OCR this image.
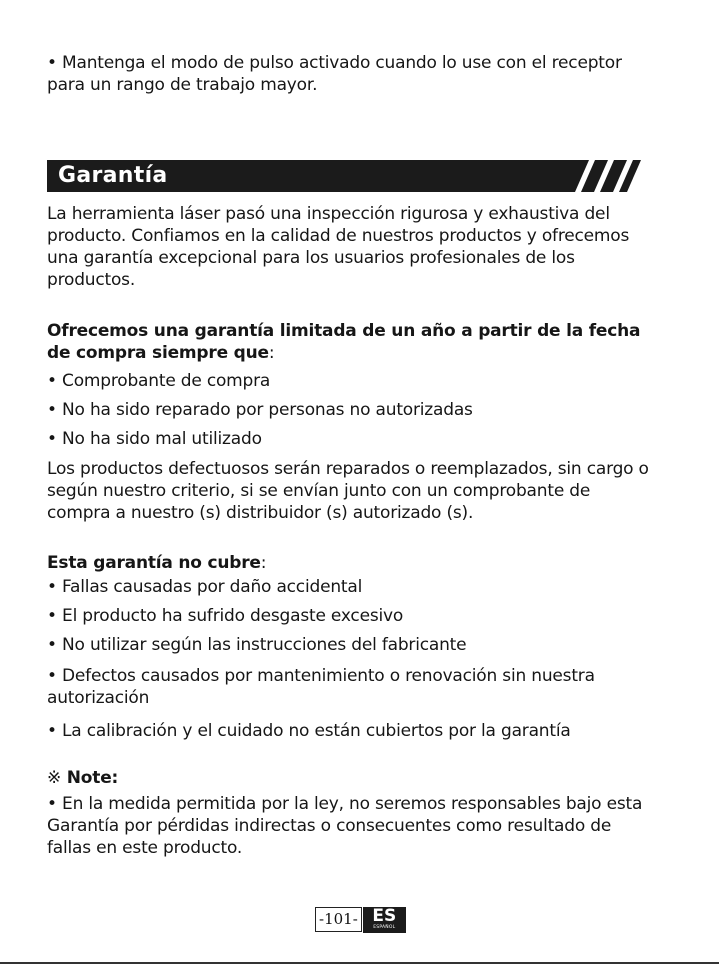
• Mantenga el modo de pulso activado cuando lo use con el receptor para un rango de trabajo mayor.

Garantía

La herramienta láser pasó una inspección rigurosa y exhaustiva del producto. Confiamos en la calidad de nuestros productos y ofrecemos una garantía excepcional para los usuarios profesionales de los productos.

Ofrecemos una garantía limitada de un año a partir de la fecha de compra siempre que:

• Comprobante de compra

• No ha sido reparado por personas no autorizadas

• No ha sido mal utilizado

Los productos defectuosos serán reparados o reemplazados, sin cargo o según nuestro criterio, si se envían junto con un comprobante de compra a nuestro (s) distribuidor (s) autorizado (s).

Esta garantía no cubre:

• Fallas causadas por daño accidental

• El producto ha sufrido desgaste excesivo

• No utilizar según las instrucciones del fabricante

• Defectos causados por mantenimiento o renovación sin nuestra autorización

• La calibración y el cuidado no están cubiertos por la garantía

※ Note:

• En la medida permitida por la ley, no seremos responsables bajo esta Garantía por pérdidas indirectas o consecuentes como resultado de fallas en este producto.

-101- ES
ESPAÑOL
